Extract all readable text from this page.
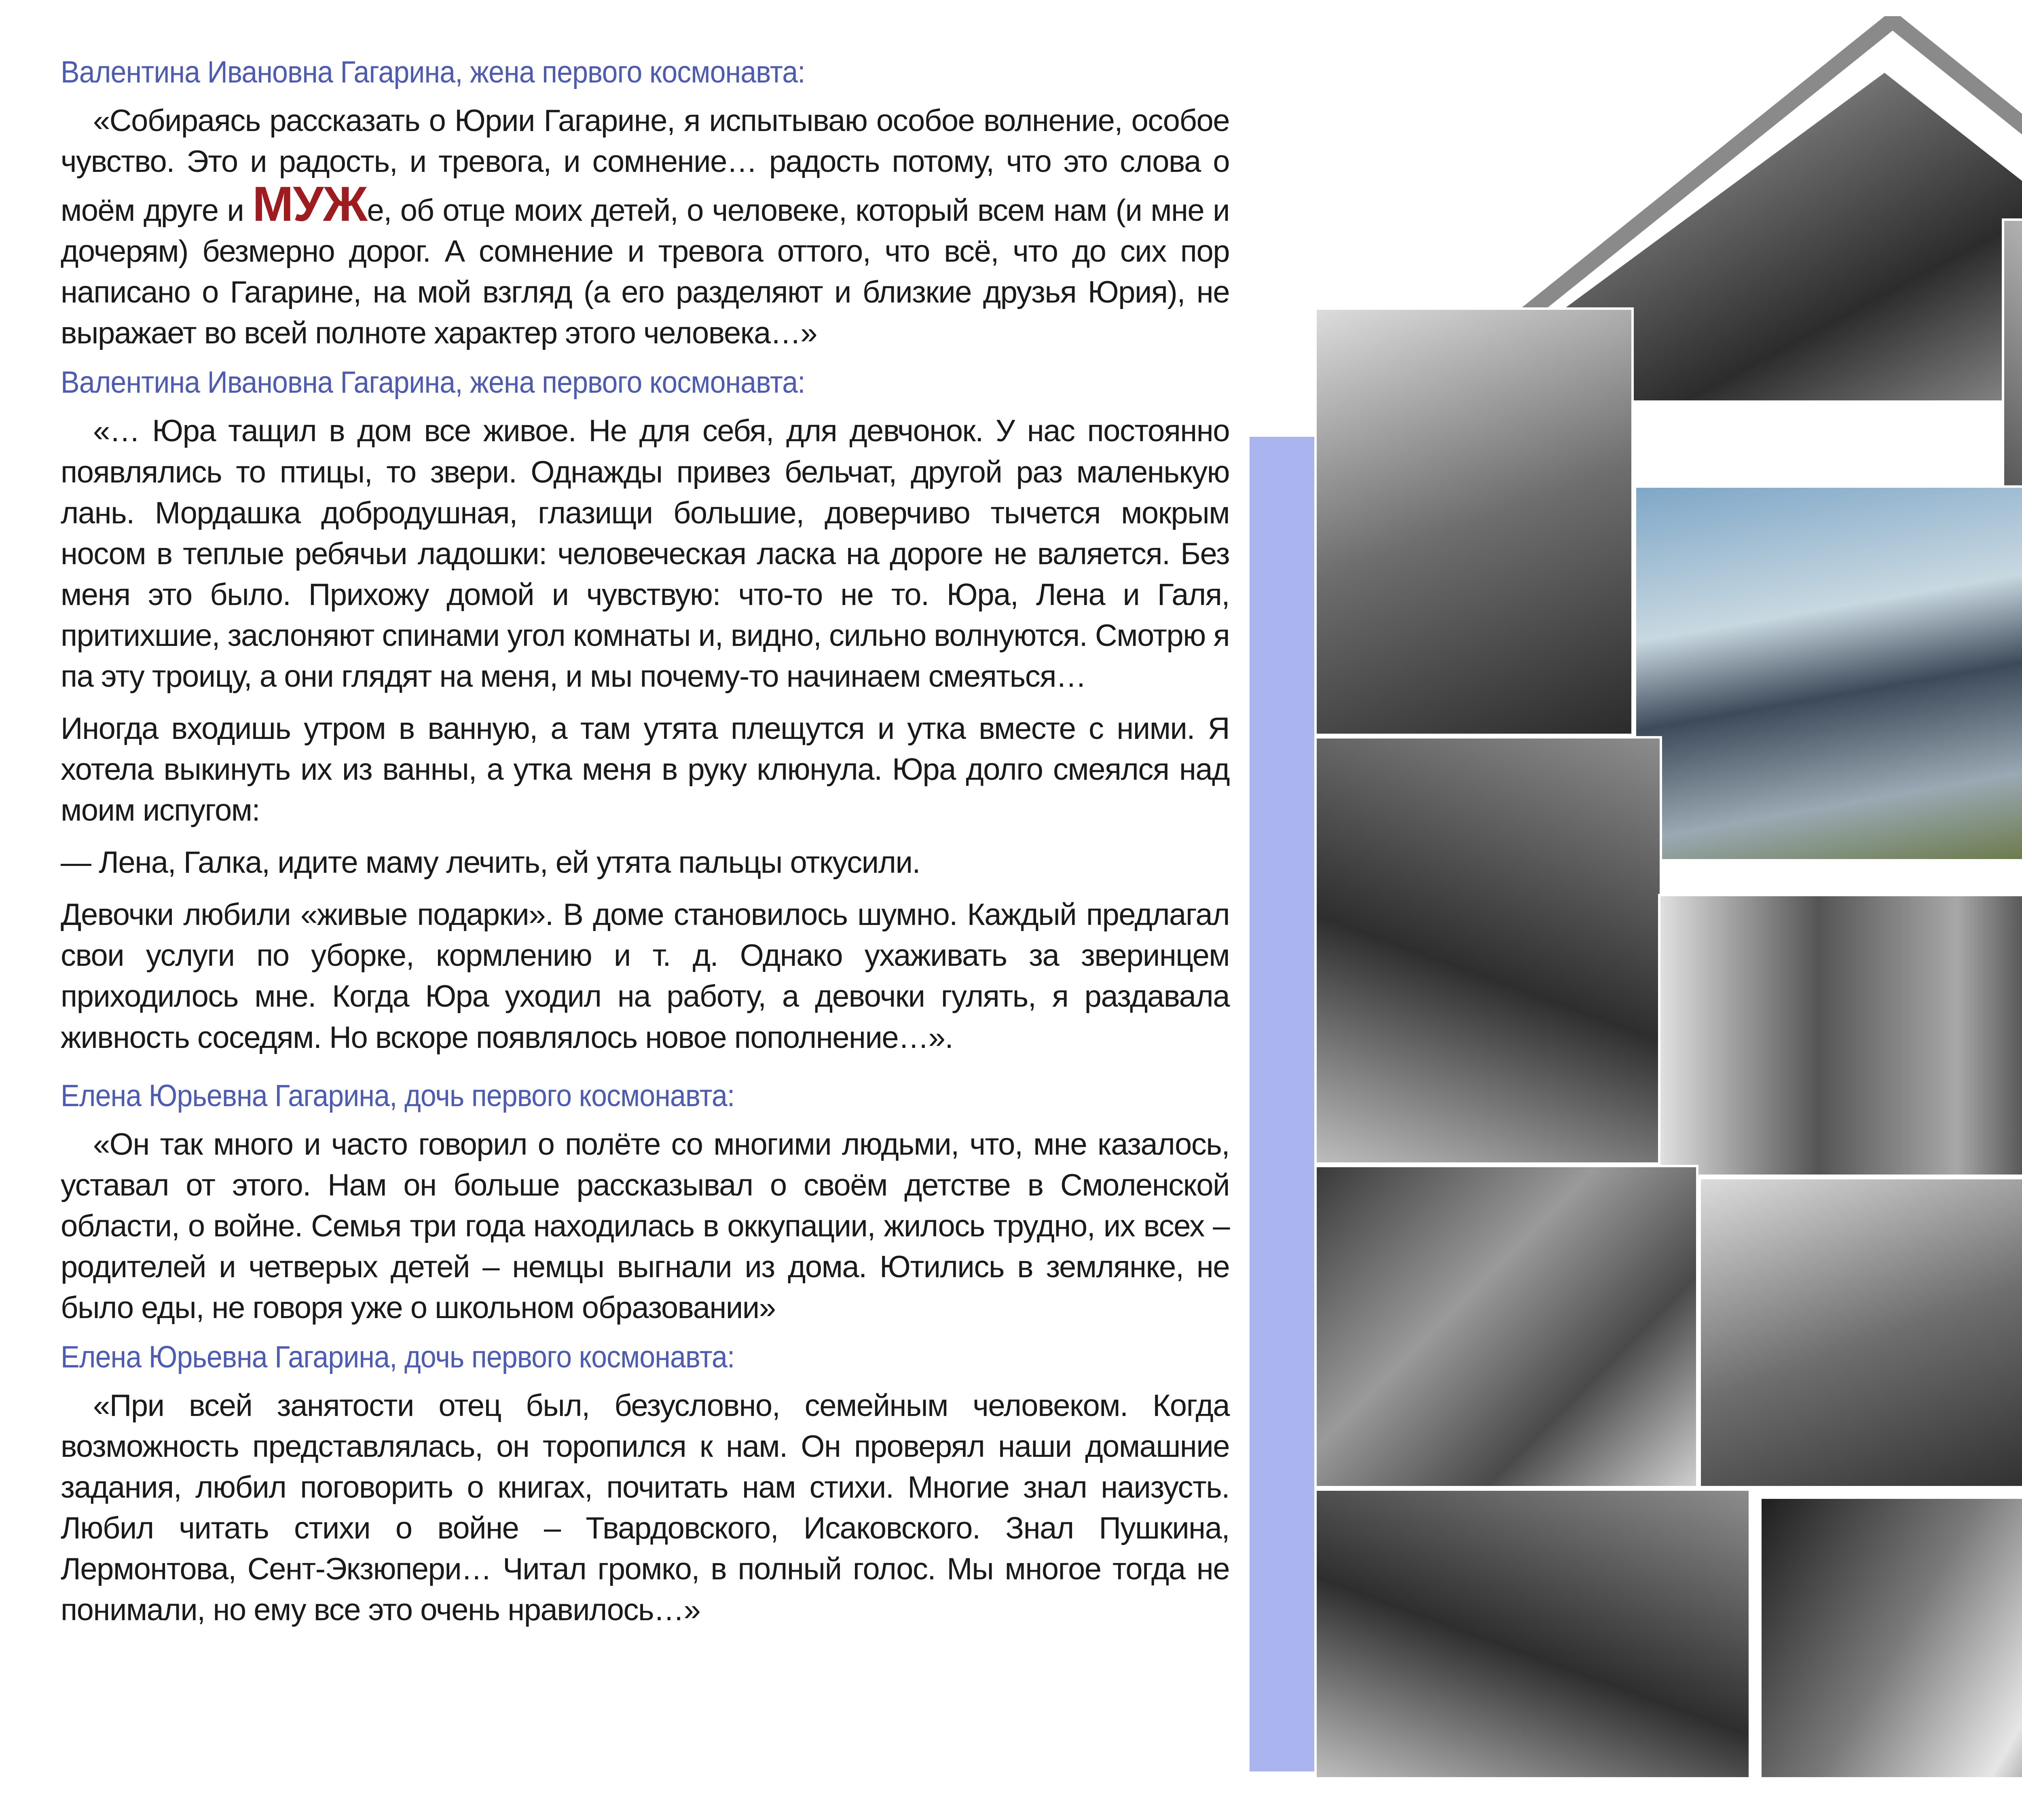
Валентина Ивановна Гагарина, жена первого космонавта:

«Собираясь рассказать о Юрии Гагарине, я испытываю особое волнение, особое чувство. Это и радость, и тревога, и сомнение… радость потому, что это слова о моём друге и МУЖе, об отце моих детей, о человеке, который всем нам (и мне и дочерям) безмерно дорог. А сомнение и тревога оттого, что всё, что до сих пор написано о Гагарине, на мой взгляд (а его разделяют и близкие друзья Юрия), не выражает во всей полноте характер этого человека…»

Валентина Ивановна Гагарина, жена первого космонавта:

«… Юра тащил в дом все живое. Не для себя, для девчонок. У нас постоянно появлялись то птицы, то звери. Однажды привез бельчат, другой раз маленькую лань. Мордашка добродушная, глазищи большие, доверчиво тычется мокрым носом в теплые ребячьи ладошки: человеческая ласка на дороге не валяется. Без меня это было. Прихожу домой и чувствую: что-то не то. Юра, Лена и Галя, притихшие, заслоняют спинами угол комнаты и, видно, сильно волнуются. Смотрю я па эту троицу, а они глядят на меня, и мы почему-то начинаем смеяться…

Иногда входишь утром в ванную, а там утята плещутся и утка вместе с ними. Я хотела выкинуть их из ванны, а утка меня в руку клюнула. Юра долго смеялся над моим испугом:

— Лена, Галка, идите маму лечить, ей утята пальцы откусили.

Девочки любили «живые подарки». В доме становилось шумно. Каждый предлагал свои услуги по уборке, кормлению и т. д. Однако ухаживать за зверинцем приходилось мне. Когда Юра уходил на работу, а девочки гулять, я раздавала живность соседям. Но вскоре появлялось новое пополнение…».

Елена Юрьевна Гагарина, дочь первого космонавта:

«Он так много и часто говорил о полёте со многими людьми, что, мне казалось, уставал от этого. Нам он больше рассказывал о своём детстве в Смоленской области, о войне. Семья три года находилась в оккупации, жилось трудно, их всех – родителей и четверых детей – немцы выгнали из дома. Ютились в землянке, не было еды, не говоря уже о школьном образовании»

Елена Юрьевна Гагарина, дочь первого космонавта:

«При всей занятости отец был, безусловно, семейным человеком. Когда возможность представлялась, он торопился к нам. Он проверял наши домашние задания, любил поговорить о книгах, почитать нам стихи. Многие знал наизусть. Любил читать стихи о войне – Твардовского, Исаковского. Знал Пушкина, Лермонтова, Сент-Экзюпери… Читал громко, в полный голос. Мы многое тогда не понимали, но ему все это очень нравилось…»
